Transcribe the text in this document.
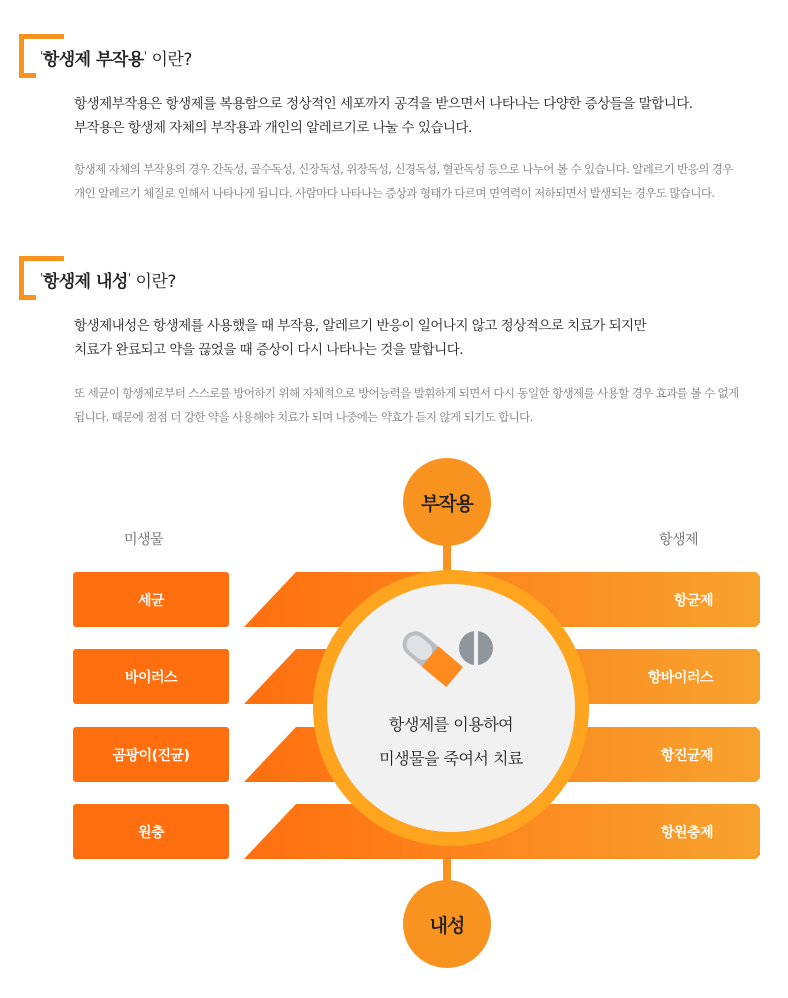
'항생제 부작용' 이란?
항생제부작용은 항생제를 복용함으로 정상적인 세포까지 공격을 받으면서 나타나는 다양한 증상들을 말합니다.
부작용은 항생제 자체의 부작용과 개인의 알레르기로 나눌 수 있습니다.
항생제 자체의 부작용의 경우 간독성, 골수독성, 신장독성, 위장독성, 신경독성, 혈관독성 등으로 나누어 볼 수 있습니다. 알레르기 반응의 경우
개인 알레르기 체질로 인해서 나타나게 됩니다. 사람마다 나타나는 증상과 형태가 다르며 면역력이 저하되면서 발생되는 경우도 많습니다.
'항생제 내성' 이란?
항생제내성은 항생제를 사용했을 때 부작용, 알레르기 반응이 일어나지 않고 정상적으로 치료가 되지만
치료가 완료되고 약을 끊었을 때 증상이 다시 나타나는 것을 말합니다.
또 세균이 항생제로부터 스스로를 방어하기 위해 자체적으로 방어능력을 발휘하게 되면서 다시 동일한 항생제를 사용할 경우 효과를 볼 수 없게
됩니다. 때문에 점점 더 강한 약을 사용해야 치료가 되며 나중에는 약효가 듣지 않게 되기도 합니다.
미생물	항생제
세균
바이러스
곰팡이(진균)
원충
항균제
항바이러스
항진균제
항원충제
항생제를 이용하여
미생물을 죽여서 치료
부작용
내성
